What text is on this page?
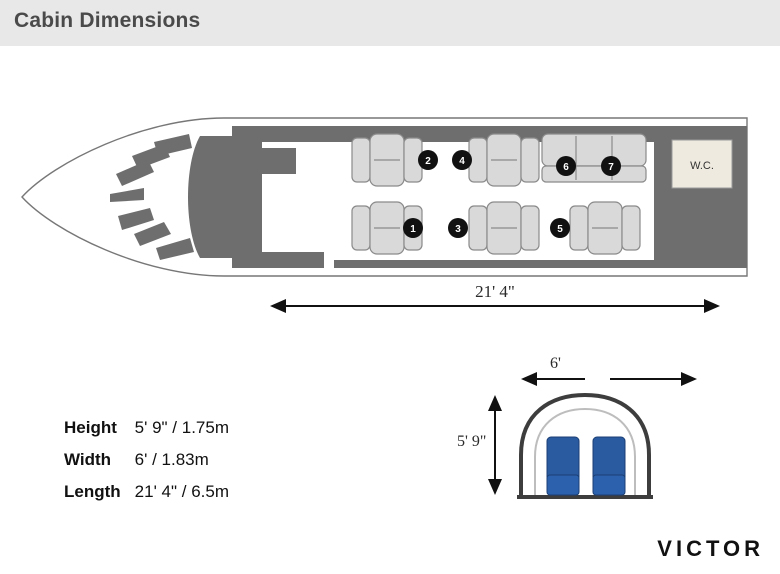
Cabin Dimensions
W.C.
1
2
3
4
5
6	7
21' 4"
6'
5' 9"
Height	5' 9" / 1.75m
Width	6' / 1.83m
Length	21' 4" / 6.5m
VICTOR
